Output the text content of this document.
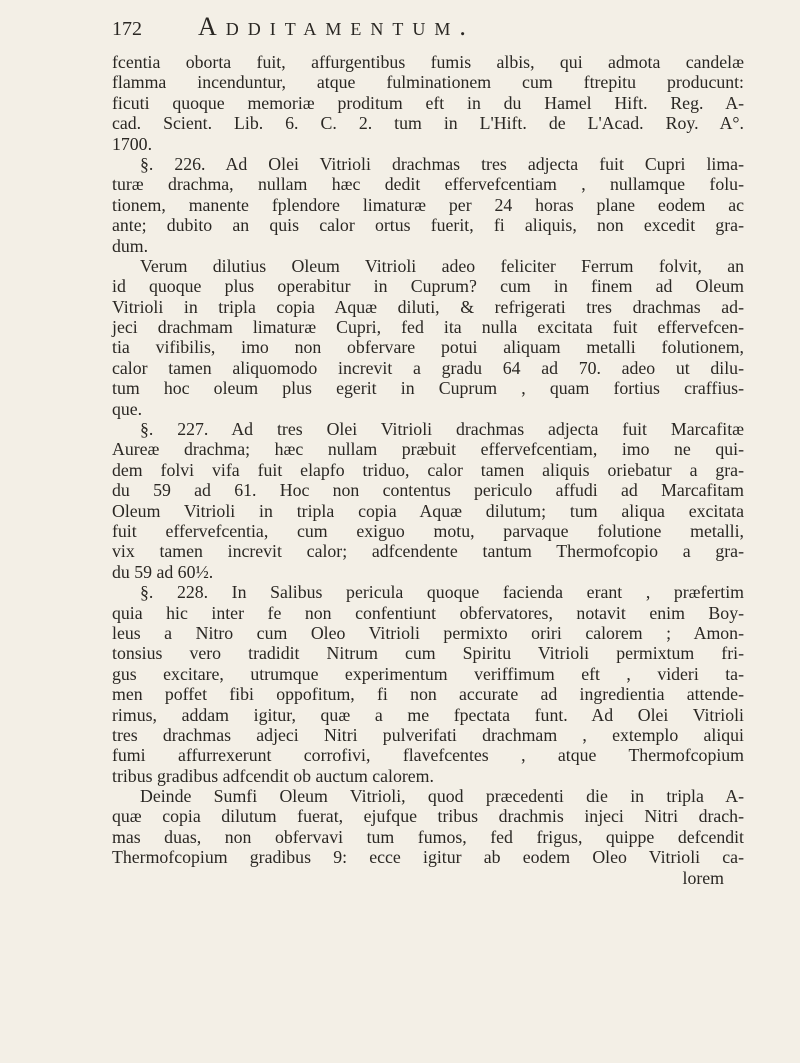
172 Additamentum.
fcentia oborta fuit, affurgentibus fumis albis, qui admota candelæ
flamma incenduntur, atque fulminationem cum ftrepitu producunt:
ficuti quoque memoriæ proditum eft in du Hamel Hift. Reg. A-
cad. Scient. Lib. 6. C. 2. tum in L'Hift. de L'Acad. Roy. A°.
1700.
§. 226. Ad Olei Vitrioli drachmas tres adjecta fuit Cupri lima-
turæ drachma, nullam hæc dedit effervefcentiam , nullamque folu-
tionem, manente fplendore limaturæ per 24 horas plane eodem ac
ante; dubito an quis calor ortus fuerit, fi aliquis, non excedit gra-
dum.
Verum dilutius Oleum Vitrioli adeo feliciter Ferrum folvit, an
id quoque plus operabitur in Cuprum? cum in finem ad Oleum
Vitrioli in tripla copia Aquæ diluti, & refrigerati tres drachmas ad-
jeci drachmam limaturæ Cupri, fed ita nulla excitata fuit effervefcen-
tia vifibilis, imo non obfervare potui aliquam metalli folutionem,
calor tamen aliquomodo increvit a gradu 64 ad 70. adeo ut dilu-
tum hoc oleum plus egerit in Cuprum , quam fortius craffius-
que.
§. 227. Ad tres Olei Vitrioli drachmas adjecta fuit Marcafitæ
Aureæ drachma; hæc nullam præbuit effervefcentiam, imo ne qui-
dem folvi vifa fuit elapfo triduo, calor tamen aliquis oriebatur a gra-
du 59 ad 61. Hoc non contentus periculo affudi ad Marcafitam
Oleum Vitrioli in tripla copia Aquæ dilutum; tum aliqua excitata
fuit effervefcentia, cum exiguo motu, parvaque folutione metalli,
vix tamen increvit calor; adfcendente tantum Thermofcopio a gra-
du 59 ad 60½.
§. 228. In Salibus pericula quoque facienda erant , præfertim
quia hic inter fe non confentiunt obfervatores, notavit enim Boy-
leus a Nitro cum Oleo Vitrioli permixto oriri calorem ; Amon-
tonsius vero tradidit Nitrum cum Spiritu Vitrioli permixtum fri-
gus excitare, utrumque experimentum veriffimum eft , videri ta-
men poffet fibi oppofitum, fi non accurate ad ingredientia attende-
rimus, addam igitur, quæ a me fpectata funt. Ad Olei Vitrioli
tres drachmas adjeci Nitri pulverifati drachmam , extemplo aliqui
fumi affurrexerunt corrofivi, flavefcentes , atque Thermofcopium
tribus gradibus adfcendit ob auctum calorem.
Deinde Sumfi Oleum Vitrioli, quod præcedenti die in tripla A-
quæ copia dilutum fuerat, ejufque tribus drachmis injeci Nitri drach-
mas duas, non obfervavi tum fumos, fed frigus, quippe defcendit
Thermofcopium gradibus 9: ecce igitur ab eodem Oleo Vitrioli ca-
lorem
